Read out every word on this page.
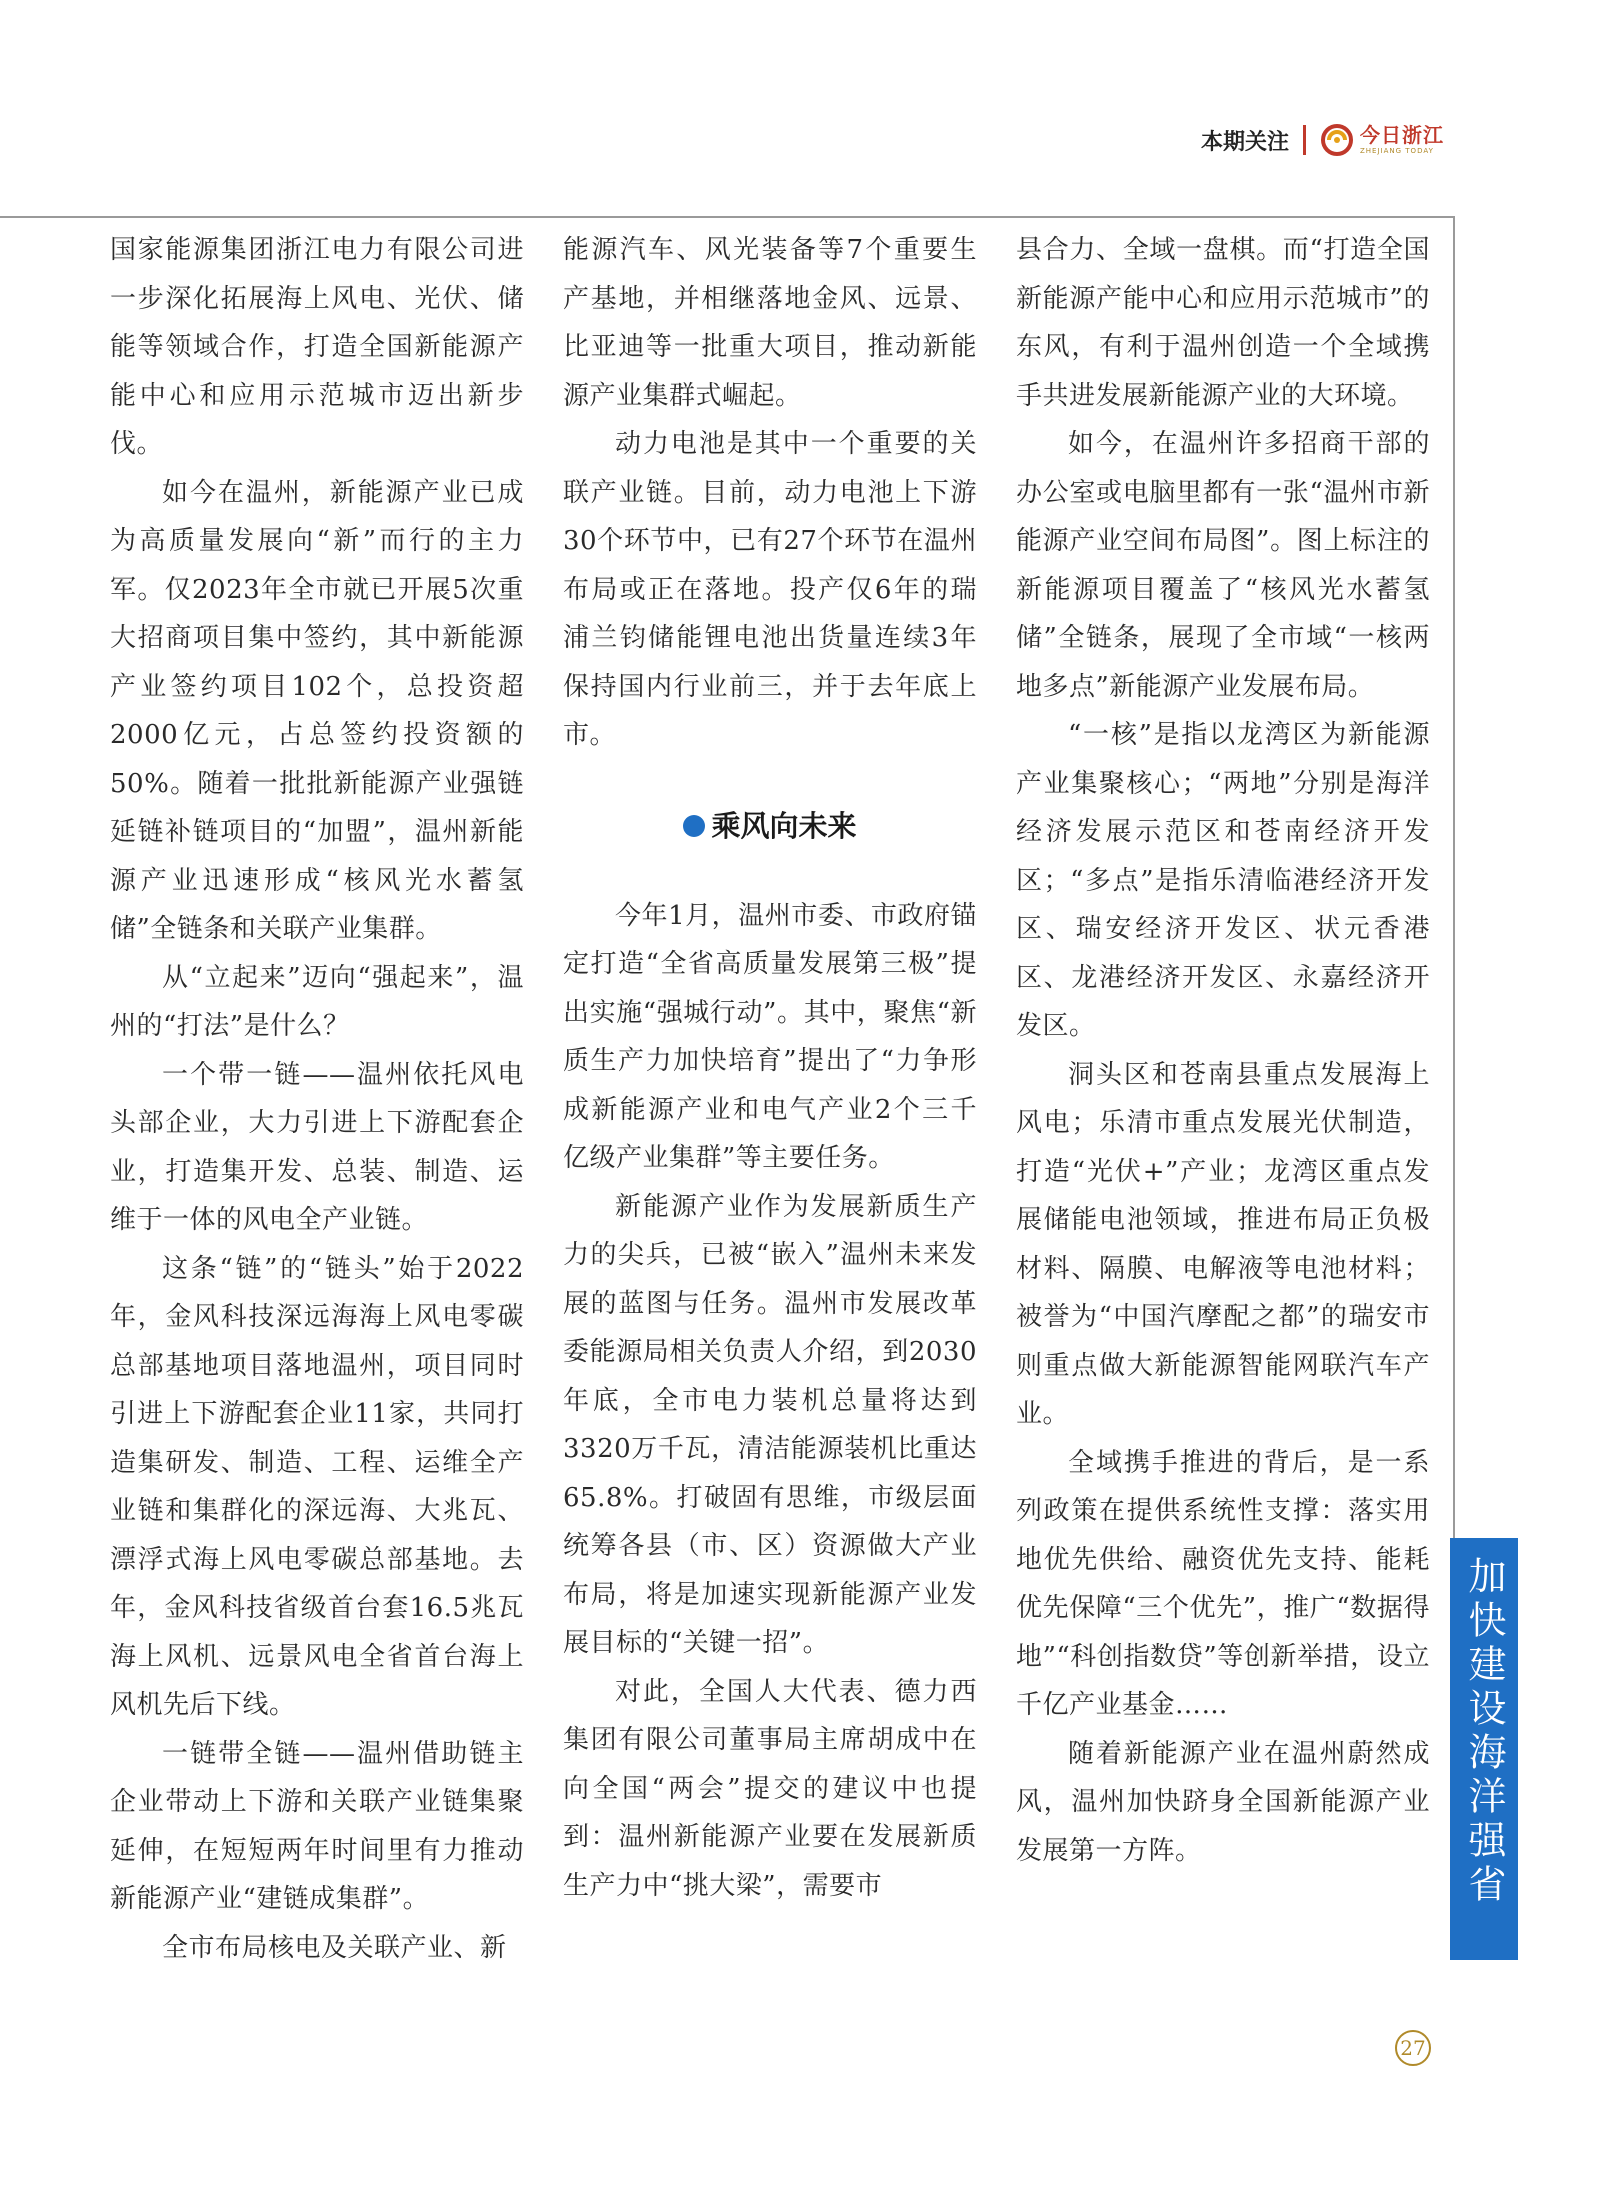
本期关注	今日浙江
ZHEJIANG TODAY

国家能源集团浙江电力有限公司进一步深化拓展海上风电、光伏、储能等领域合作，打造全国新能源产能中心和应用示范城市迈出新步伐。

如今在温州，新能源产业已成为高质量发展向“新”而行的主力军。仅2023年全市就已开展5次重大招商项目集中签约，其中新能源产业签约项目102个，总投资超2000亿元，占总签约投资额的50%。随着一批批新能源产业强链延链补链项目的“加盟”，温州新能源产业迅速形成“核风光水蓄氢储”全链条和关联产业集群。

从“立起来”迈向“强起来”，温州的“打法”是什么？

一个带一链——温州依托风电头部企业，大力引进上下游配套企业，打造集开发、总装、制造、运维于一体的风电全产业链。

这条“链”的“链头”始于2022年，金风科技深远海海上风电零碳总部基地项目落地温州，项目同时引进上下游配套企业11家，共同打造集研发、制造、工程、运维全产业链和集群化的深远海、大兆瓦、漂浮式海上风电零碳总部基地。去年，金风科技省级首台套16.5兆瓦海上风机、远景风电全省首台海上风机先后下线。

一链带全链——温州借助链主企业带动上下游和关联产业链集聚延伸，在短短两年时间里有力推动新能源产业“建链成集群”。

全市布局核电及关联产业、新

能源汽车、风光装备等7个重要生产基地，并相继落地金风、远景、比亚迪等一批重大项目，推动新能源产业集群式崛起。

动力电池是其中一个重要的关联产业链。目前，动力电池上下游30个环节中，已有27个环节在温州布局或正在落地。投产仅6年的瑞浦兰钧储能锂电池出货量连续3年保持国内行业前三，并于去年底上市。

乘风向未来

今年1月，温州市委、市政府锚定打造“全省高质量发展第三极”提出实施“强城行动”。其中，聚焦“新质生产力加快培育”提出了“力争形成新能源产业和电气产业2个三千亿级产业集群”等主要任务。

新能源产业作为发展新质生产力的尖兵，已被“嵌入”温州未来发展的蓝图与任务。温州市发展改革委能源局相关负责人介绍，到2030年底，全市电力装机总量将达到3320万千瓦，清洁能源装机比重达65.8%。打破固有思维，市级层面统筹各县（市、区）资源做大产业布局，将是加速实现新能源产业发展目标的“关键一招”。

对此，全国人大代表、德力西集团有限公司董事局主席胡成中在向全国“两会”提交的建议中也提到：温州新能源产业要在发展新质生产力中“挑大梁”，需要市

县合力、全域一盘棋。而“打造全国新能源产能中心和应用示范城市”的东风，有利于温州创造一个全域携手共进发展新能源产业的大环境。

如今，在温州许多招商干部的办公室或电脑里都有一张“温州市新能源产业空间布局图”。图上标注的新能源项目覆盖了“核风光水蓄氢储”全链条，展现了全市域“一核两地多点”新能源产业发展布局。

“一核”是指以龙湾区为新能源产业集聚核心；“两地”分别是海洋经济发展示范区和苍南经济开发区；“多点”是指乐清临港经济开发区、瑞安经济开发区、状元香港区、龙港经济开发区、永嘉经济开发区。

洞头区和苍南县重点发展海上风电；乐清市重点发展光伏制造，打造“光伏+”产业；龙湾区重点发展储能电池领域，推进布局正负极材料、隔膜、电解液等电池材料；被誉为“中国汽摩配之都”的瑞安市则重点做大新能源智能网联汽车产业。

全域携手推进的背后，是一系列政策在提供系统性支撑：落实用地优先供给、融资优先支持、能耗优先保障“三个优先”，推广“数据得地”“科创指数贷”等创新举措，设立千亿产业基金……

随着新能源产业在温州蔚然成风，温州加快跻身全国新能源产业发展第一方阵。	加快建设海洋强省
27
